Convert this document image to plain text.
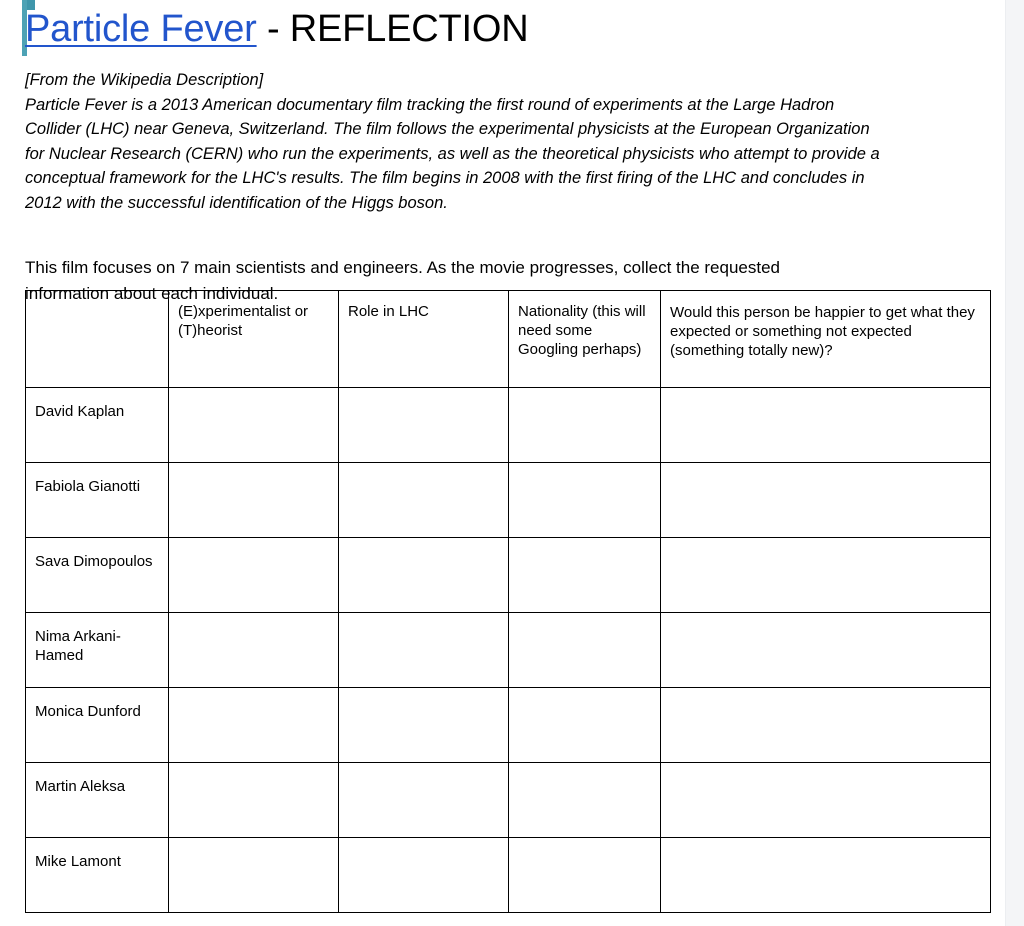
Particle Fever - REFLECTION
[From the Wikipedia Description]
Particle Fever is a 2013 American documentary film tracking the first round of experiments at the Large Hadron Collider (LHC) near Geneva, Switzerland. The film follows the experimental physicists at the European Organization for Nuclear Research (CERN) who run the experiments, as well as the theoretical physicists who attempt to provide a conceptual framework for the LHC's results. The film begins in 2008 with the first firing of the LHC and concludes in 2012 with the successful identification of the Higgs boson.

This film focuses on 7 main scientists and engineers. As the movie progresses, collect the requested information about each individual.

	(E)xperimentalist or (T)heorist	Role in LHC	Nationality (this will need some Googling perhaps)	Would this person be happier to get what they expected or something not expected (something totally new)?
David Kaplan				
Fabiola Gianotti				
Sava Dimopoulos				
Nima Arkani-Hamed				
Monica Dunford				
Martin Aleksa				
Mike Lamont				
